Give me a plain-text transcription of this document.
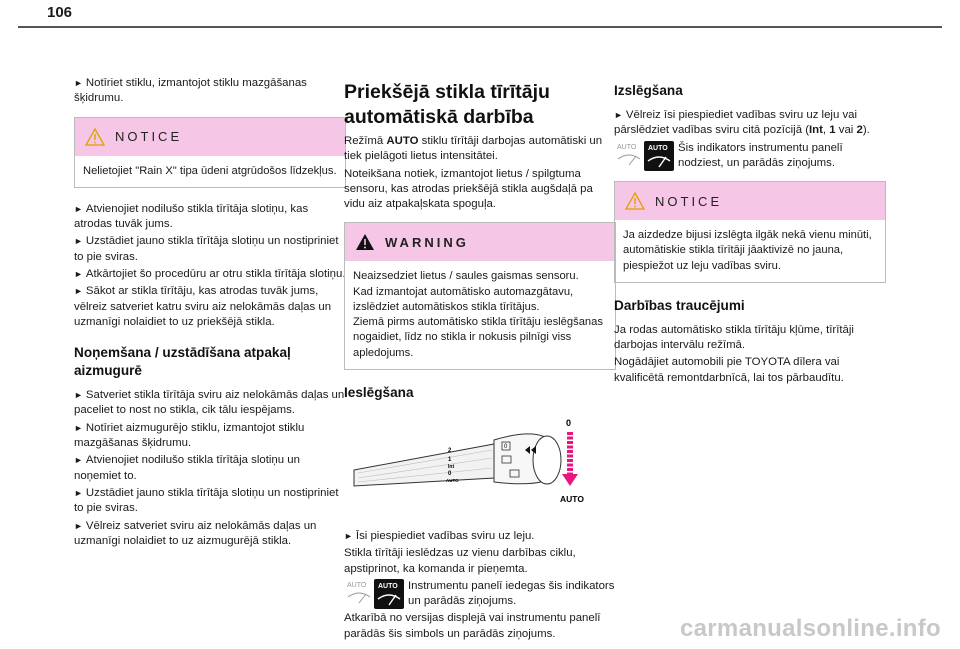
106

► Notīriet stiklu, izmantojot stiklu mazgāšanas šķidrumu.

NOTICE
Nelietojiet "Rain X" tipa ūdeni atgrūdošos līdzekļus.

► Atvienojiet nodilušo stikla tīrītāja slotiņu, kas atrodas tuvāk jums.

► Uzstādiet jauno stikla tīrītāja slotiņu un nostipriniet to pie sviras.

► Atkārtojiet šo procedūru ar otru stikla tīrītāja slotiņu.

► Sākot ar stikla tīrītāju, kas atrodas tuvāk jums, vēlreiz satveriet katru sviru aiz nelokāmās daļas un uzmanīgi nolaidiet to uz priekšējā stikla.

Noņemšana / uzstādīšana atpakaļ aizmugurē

► Satveriet stikla tīrītāja sviru aiz nelokāmās daļas un paceliet to nost no stikla, cik tālu iespējams.

► Notīriet aizmugurējo stiklu, izmantojot stiklu mazgāšanas šķidrumu.

► Atvienojiet nodilušo stikla tīrītāja slotiņu un noņemiet to.

► Uzstādiet jauno stikla tīrītāja slotiņu un nostipriniet to pie sviras.

► Vēlreiz satveriet sviru aiz nelokāmās daļas un uzmanīgi nolaidiet to uz aizmugurējā stikla.

Priekšējā stikla tīrītāju automātiskā darbība

Režīmā AUTO stiklu tīrītāji darbojas automātiski un tiek pielāgoti lietus intensitātei.

Noteikšana notiek, izmantojot lietus / spilgtuma sensoru, kas atrodas priekšējā stikla augšdaļā pa vidu aiz atpakaļskata spoguļa.

WARNING
Neaizsedziet lietus / saules gaismas sensoru.
Kad izmantojat automātisko automazgātavu, izslēdziet automātiskos stikla tīrītājus.
Ziemā pirms automātisko stikla tīrītāju ieslēgšanas nogaidiet, līdz no stikla ir nokusis pilnīgi viss apledojums.
Ieslēgšana
2
1
Int
0
AUTO
0
0
AUTO

► Īsi piespiediet vadības sviru uz leju.

Stikla tīrītāji ieslēdzas uz vienu darbības ciklu, apstiprinot, ka komanda ir pieņemta.

AUTO AUTO Instrumentu panelī iedegas šis indikators un parādās ziņojums.

Atkarībā no versijas displejā vai instrumentu panelī parādās šis simbols un parādās ziņojums.

Izslēgšana

► Vēlreiz īsi piespiediet vadības sviru uz leju vai pārslēdziet vadības sviru citā pozīcijā (Int, 1 vai 2).

AUTO AUTO Šis indikators instrumentu panelī nodziest, un parādās ziņojums.
NOTICE
Ja aizdedze bijusi izslēgta ilgāk nekā vienu minūti, automātiskie stikla tīrītāji jāaktivizē no jauna, piespiežot uz leju vadības sviru.
Darbības traucējumi

Ja rodas automātisko stikla tīrītāju kļūme, tīrītāji darbojas intervālu režīmā.

Nogādājiet automobili pie TOYOTA dīlera vai kvalificētā remontdarbnīcā, lai tos pārbaudītu.

carmanualsonline.info
